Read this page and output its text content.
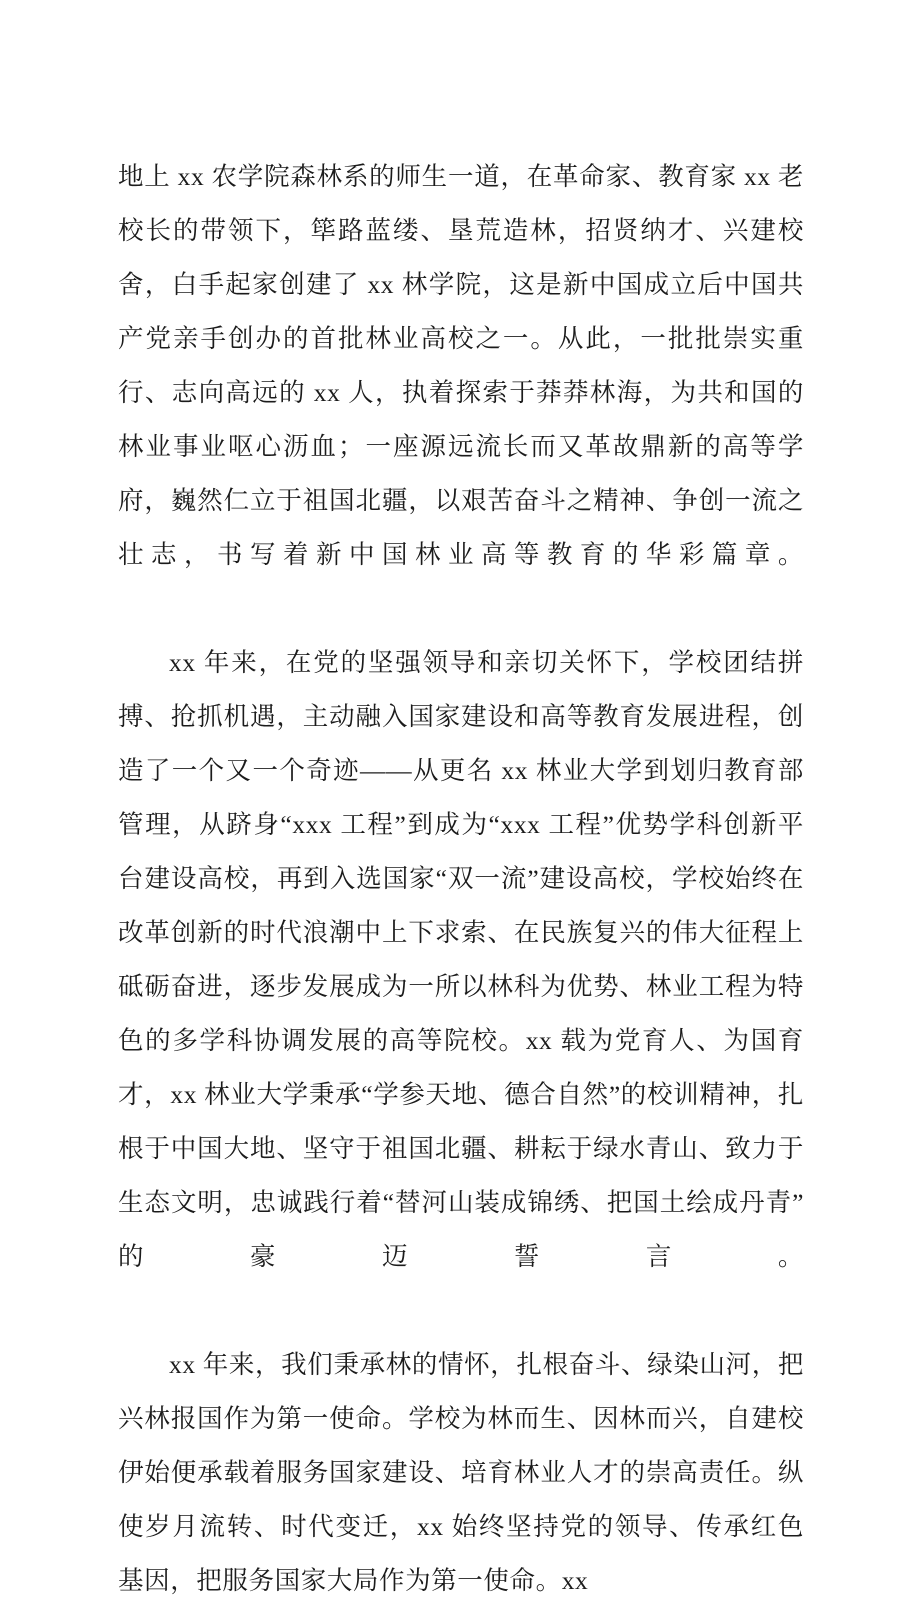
地上 xx 农学院森林系的师生一道，在革命家、教育家 xx 老校长的带领下，筚路蓝缕、垦荒造林，招贤纳才、兴建校舍，白手起家创建了 xx 林学院，这是新中国成立后中国共产党亲手创办的首批林业高校之一。从此，一批批崇实重行、志向高远的 xx 人，执着探索于莽莽林海，为共和国的林业事业呕心沥血；一座源远流长而又革故鼎新的高等学府，巍然仁立于祖国北疆，以艰苦奋斗之精神、争创一流之壮志，书写着新中国林业高等教育的华彩篇章。

xx 年来，在党的坚强领导和亲切关怀下，学校团结拼搏、抢抓机遇，主动融入国家建设和高等教育发展进程，创造了一个又一个奇迹——从更名 xx 林业大学到划归教育部管理，从跻身“xxx 工程”到成为“xxx 工程”优势学科创新平台建设高校，再到入选国家“双一流”建设高校，学校始终在改革创新的时代浪潮中上下求索、在民族复兴的伟大征程上砥砺奋进，逐步发展成为一所以林科为优势、林业工程为特色的多学科协调发展的高等院校。xx 载为党育人、为国育才，xx 林业大学秉承“学参天地、德合自然”的校训精神，扎根于中国大地、坚守于祖国北疆、耕耘于绿水青山、致力于生态文明，忠诚践行着“替河山装成锦绣、把国土绘成丹青”的豪迈誓言。

xx 年来，我们秉承林的情怀，扎根奋斗、绿染山河，把兴林报国作为第一使命。学校为林而生、因林而兴，自建校伊始便承载着服务国家建设、培育林业人才的崇高责任。纵使岁月流转、时代变迁，xx 始终坚持党的领导、传承红色基因，把服务国家大局作为第一使命。xx
